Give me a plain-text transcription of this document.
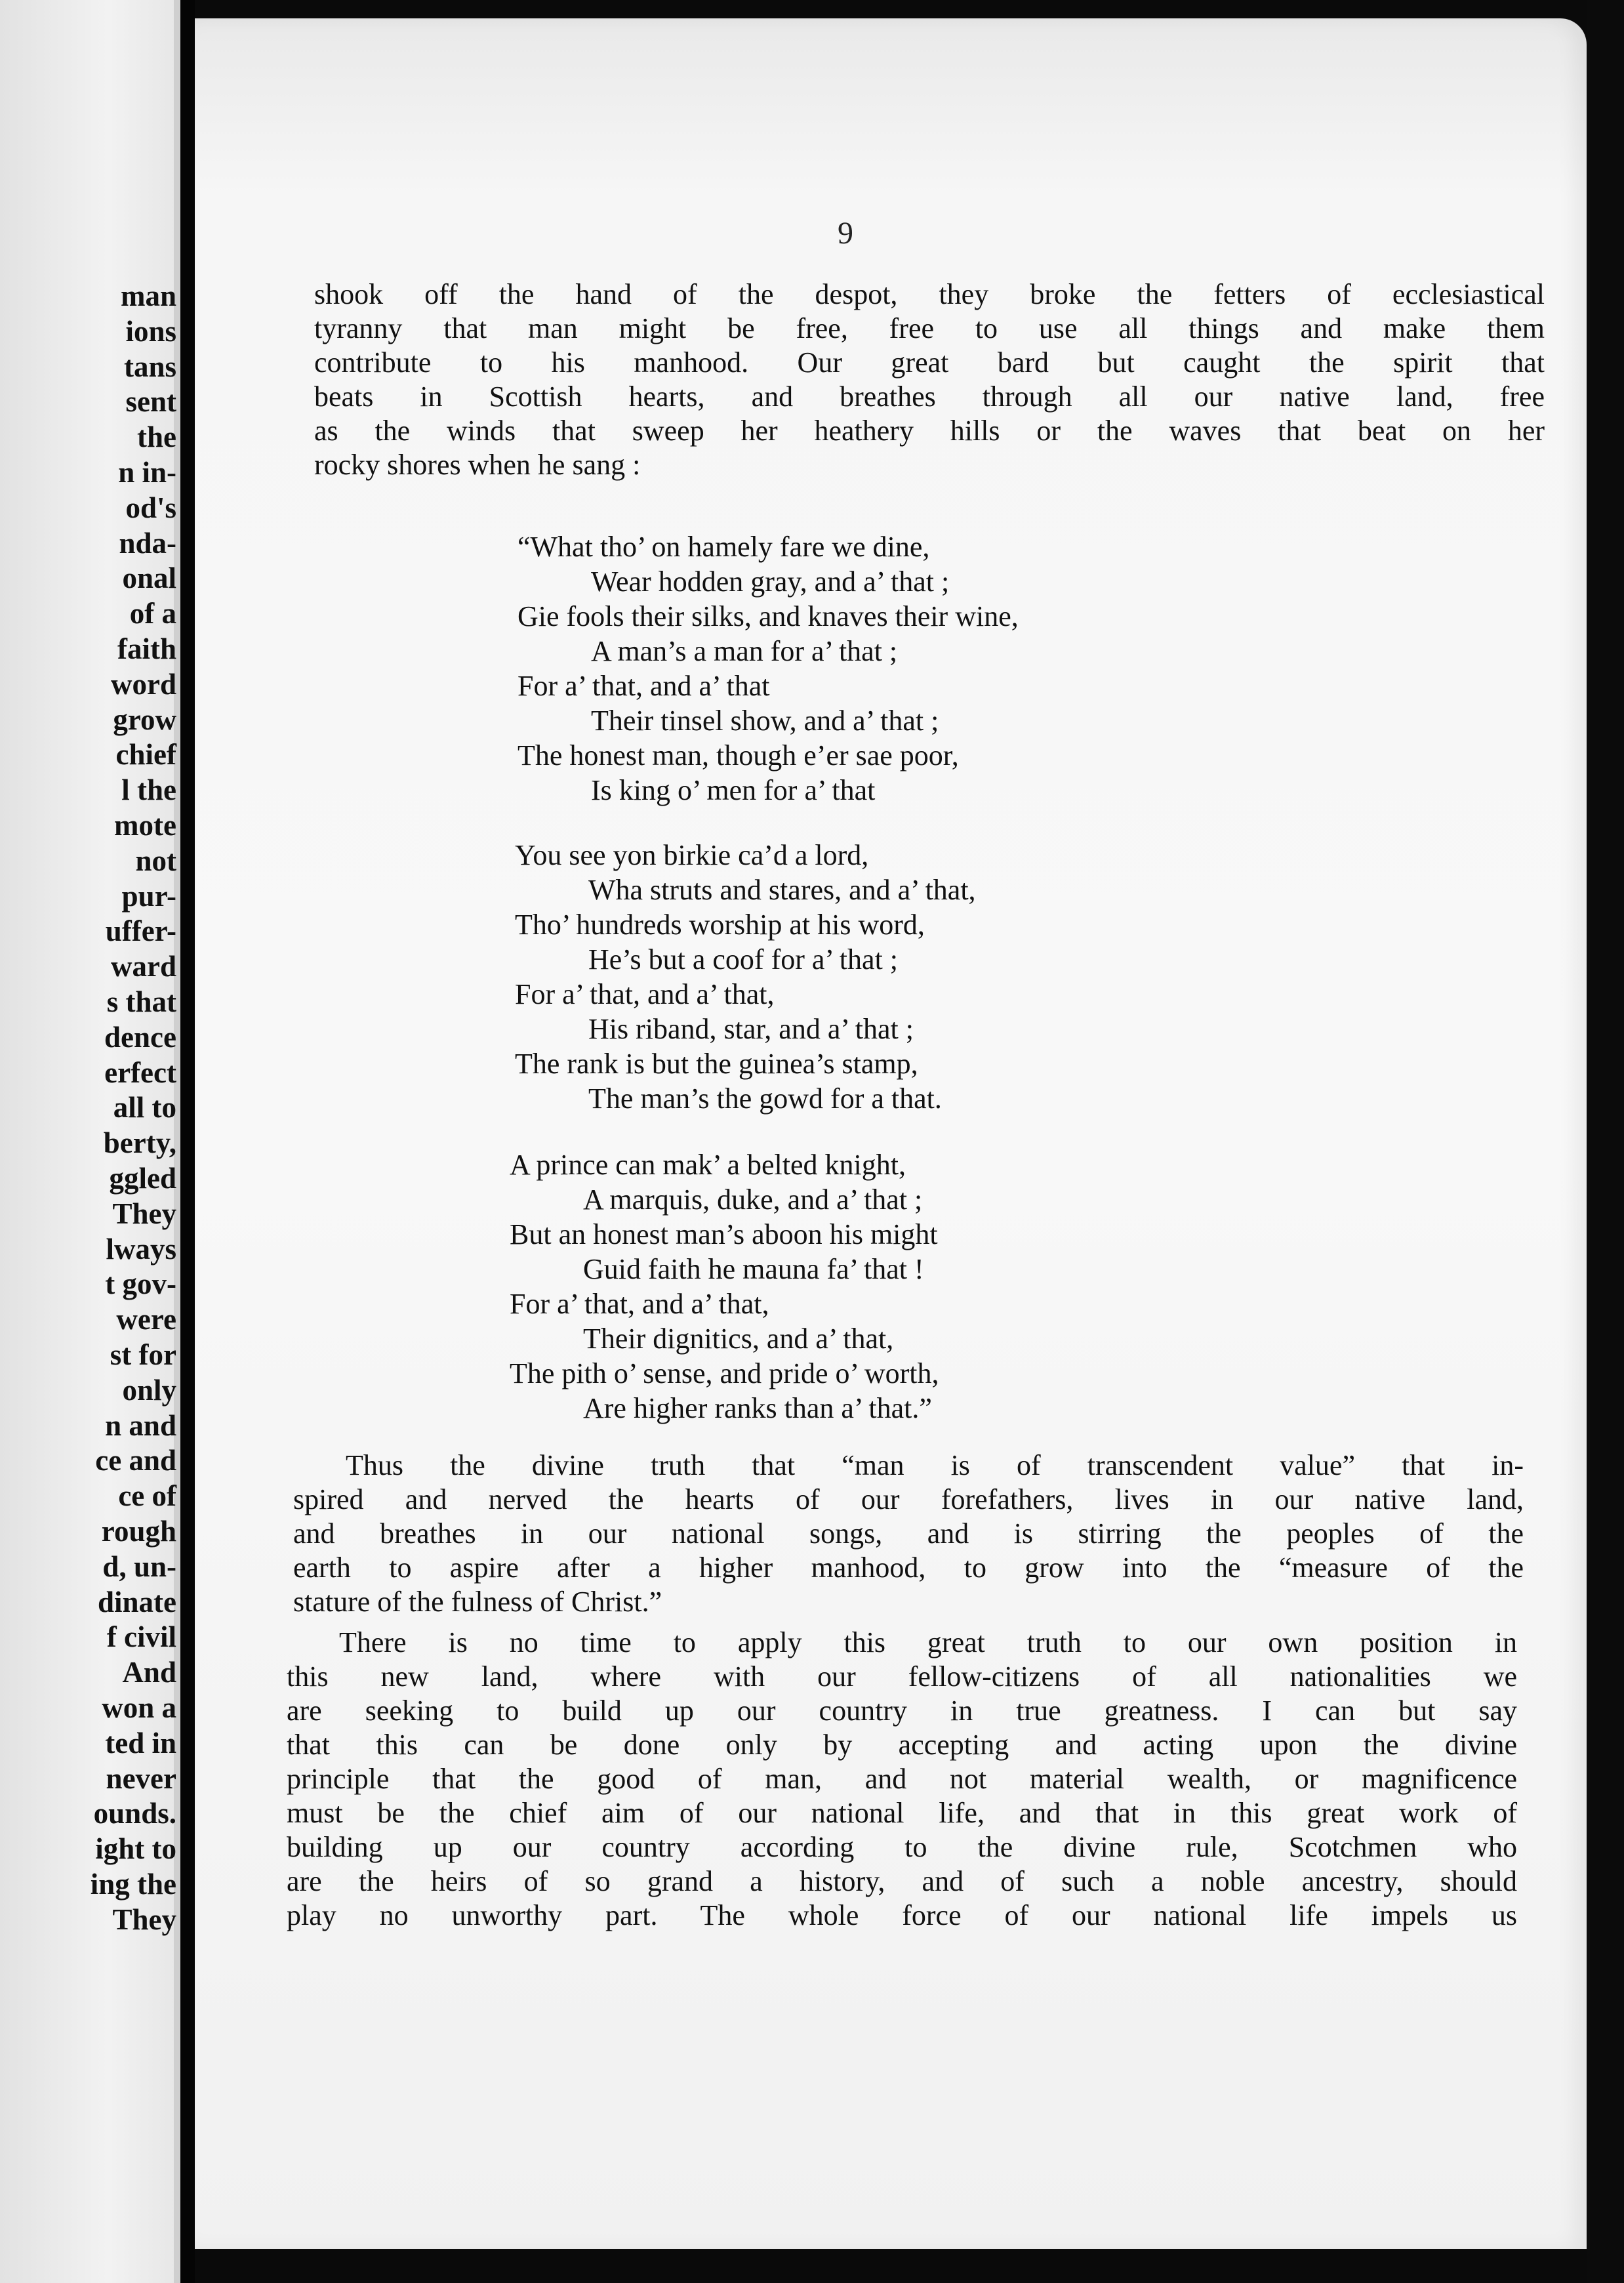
man
ions
tans
sent
the
n in-
od's
nda-
onal
of a
faith
word
grow
chief
l the
mote
not
pur-
uffer-
ward
s that
dence
erfect
all to
berty,
ggled
They
lways
t gov-
were
st for
only
n and
ce and
ce of
rough
d, un-
dinate
f civil
And
won a
ted in
never
ounds.
ight to
ing the
They
9
shook off the hand of the despot, they broke the fetters of ecclesiastical
tyranny that man might be free, free to use all things and make them
contribute to his manhood. Our great bard but caught the spirit that
beats in Scottish hearts, and breathes through all our native land, free
as the winds that sweep her heathery hills or the waves that beat on her
rocky shores when he sang :
“What tho’ on hamely fare we dine,
Wear hodden gray, and a’ that ;
Gie fools their silks, and knaves their wine,
A man’s a man for a’ that ;
For a’ that, and a’ that
Their tinsel show, and a’ that ;
The honest man, though e’er sae poor,
Is king o’ men for a’ that
You see yon birkie ca’d a lord,
Wha struts and stares, and a’ that,
Tho’ hundreds worship at his word,
He’s but a coof for a’ that ;
For a’ that, and a’ that,
His riband, star, and a’ that ;
The rank is but the guinea’s stamp,
The man’s the gowd for a that.
A prince can mak’ a belted knight,
A marquis, duke, and a’ that ;
But an honest man’s aboon his might
Guid faith he mauna fa’ that !
For a’ that, and a’ that,
Their dignitics, and a’ that,
The pith o’ sense, and pride o’ worth,
Are higher ranks than a’ that.”
Thus the divine truth that “man is of transcendent value” that in-
spired and nerved the hearts of our forefathers, lives in our native land,
and breathes in our national songs, and is stirring the peoples of the
earth to aspire after a higher manhood, to grow into the “measure of the
stature of the fulness of Christ.”
There is no time to apply this great truth to our own position in
this new land, where with our fellow-citizens of all nationalities we
are seeking to build up our country in true greatness. I can but say
that this can be done only by accepting and acting upon the divine
principle that the good of man, and not material wealth, or magnificence
must be the chief aim of our national life, and that in this great work of
building up our country according to the divine rule, Scotchmen who
are the heirs of so grand a history, and of such a noble ancestry, should
play no unworthy part. The whole force of our national life impels us
